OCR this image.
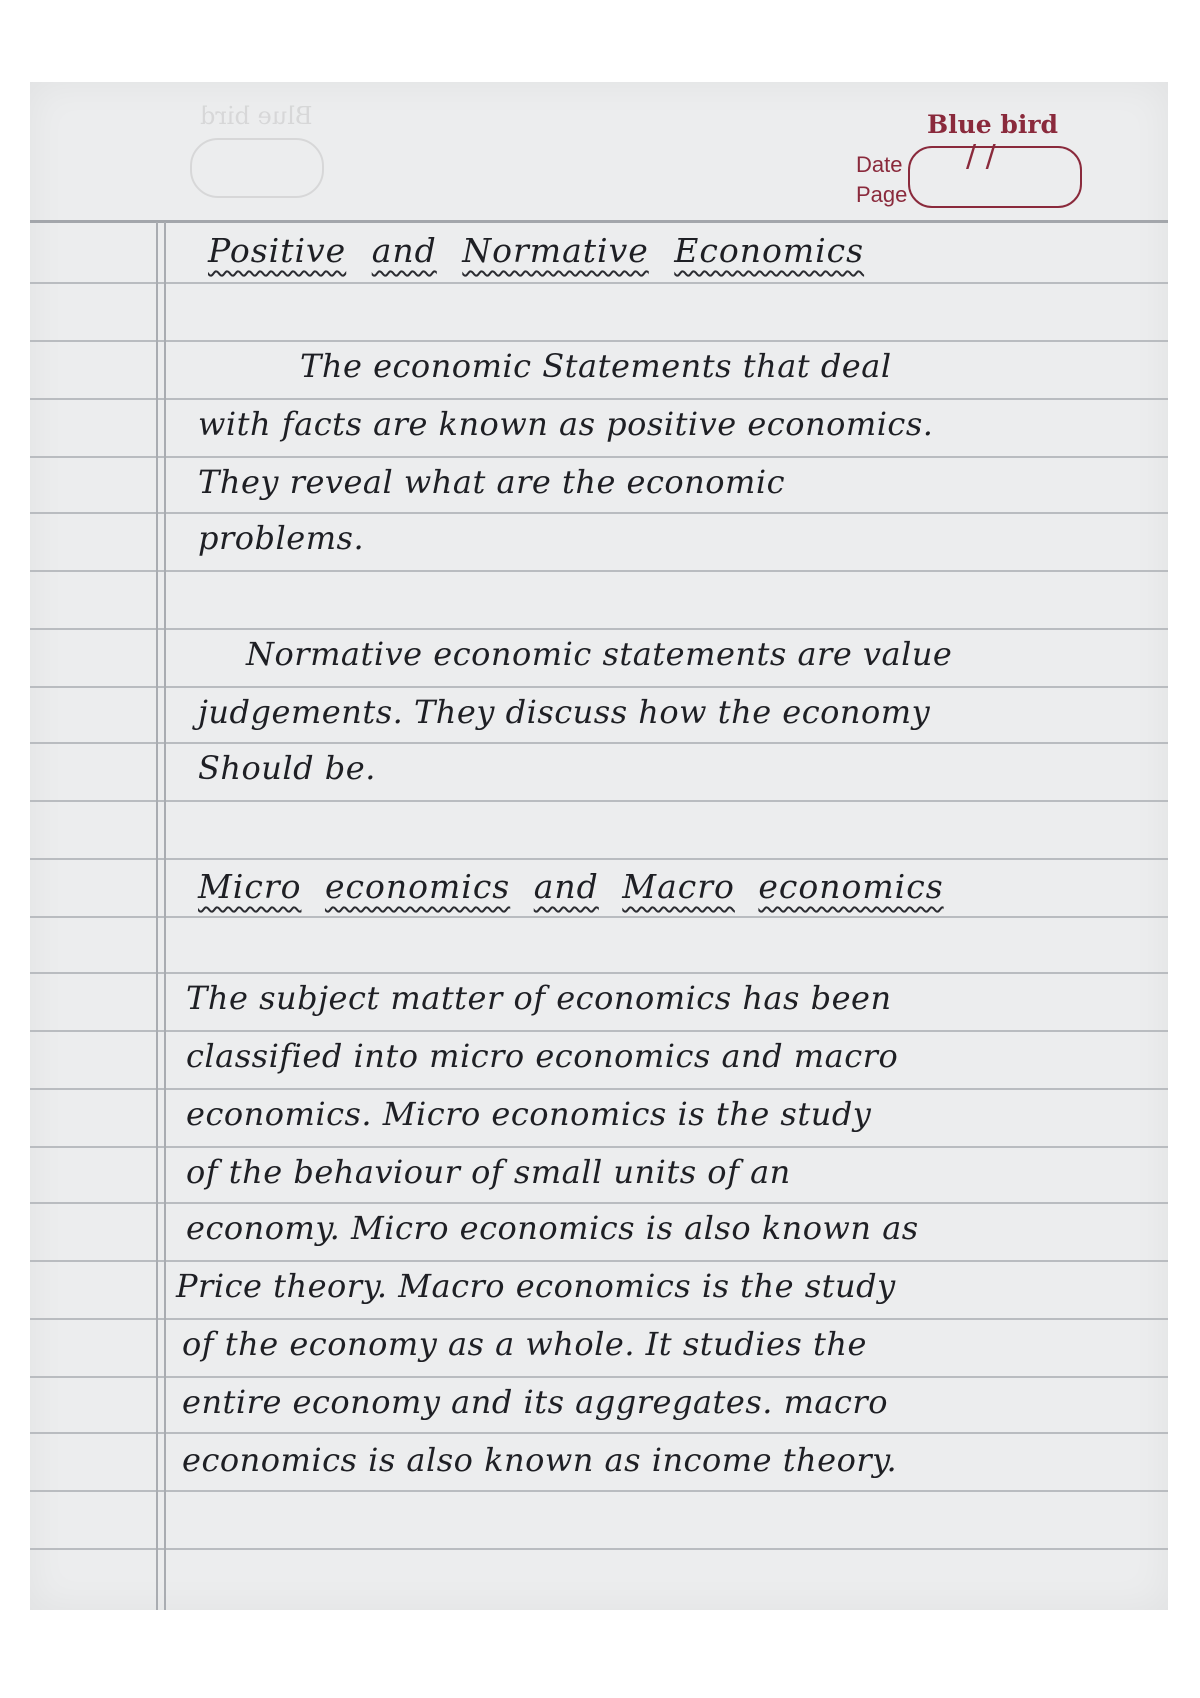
Blue bird	Blue bird
Date
Page
/ /
Positive and Normative Economics
The economic Statements that deal
with facts are known as positive economics.
They reveal what are the economic
problems.
Normative economic statements are value
judgements. They discuss how the economy
Should be.
Micro economics and Macro economics
The subject matter of economics has been
classified into micro economics and macro
economics. Micro economics is the study
of the behaviour of small units of an
economy. Micro economics is also known as
Price theory. Macro economics is the study
of the economy as a whole. It studies the
entire economy and its aggregates. macro
economics is also known as income theory.
